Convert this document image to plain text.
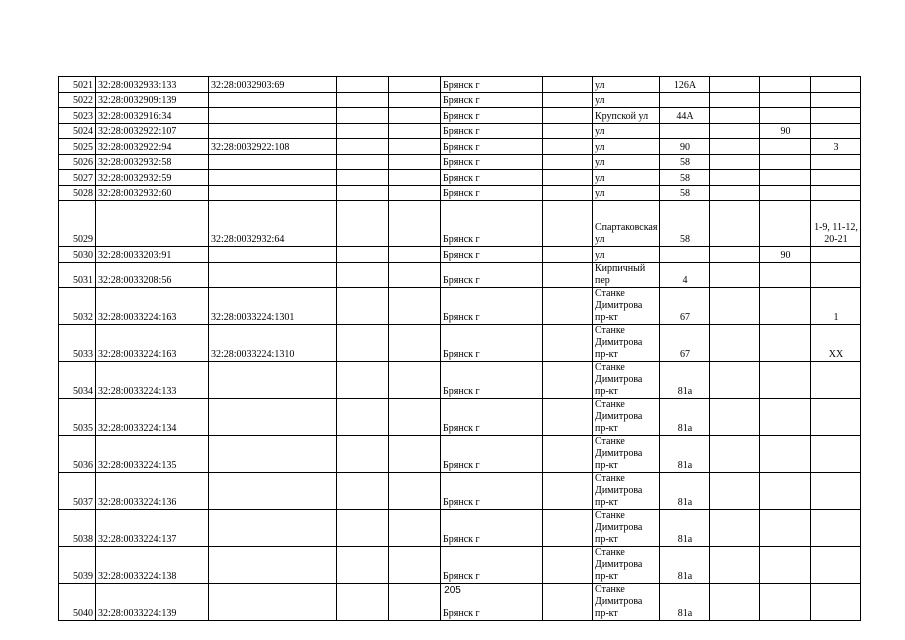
5021	32:28:0032933:133	32:28:0032903:69			Брянск г		ул	126А			
5022	32:28:0032909:139				Брянск г		ул				
5023	32:28:0032916:34				Брянск г		Крупской ул	44А			
5024	32:28:0032922:107				Брянск г		ул			90	
5025	32:28:0032922:94	32:28:0032922:108			Брянск г		ул	90			3
5026	32:28:0032932:58				Брянск г		ул	58			
5027	32:28:0032932:59				Брянск г		ул	58			
5028	32:28:0032932:60				Брянск г		ул	58			
5029		32:28:0032932:64			Брянск г		Спартаковская ул	58			1-9, 11-12, 20-21
5030	32:28:0033203:91				Брянск г		ул			90	
5031	32:28:0033208:56				Брянск г		Кирпичный пер	4			
5032	32:28:0033224:163	32:28:0033224:1301			Брянск г		Станке Димитрова пр-кт	67			1
5033	32:28:0033224:163	32:28:0033224:1310			Брянск г		Станке Димитрова пр-кт	67			XX
5034	32:28:0033224:133				Брянск г		Станке Димитрова пр-кт	81а			
5035	32:28:0033224:134				Брянск г		Станке Димитрова пр-кт	81а			
5036	32:28:0033224:135				Брянск г		Станке Димитрова пр-кт	81а			
5037	32:28:0033224:136				Брянск г		Станке Димитрова пр-кт	81а			
5038	32:28:0033224:137				Брянск г		Станке Димитрова пр-кт	81а			
5039	32:28:0033224:138				Брянск г		Станке Димитрова пр-кт	81а			
5040	32:28:0033224:139				Брянск г		Станке Димитрова пр-кт	81а			
205
